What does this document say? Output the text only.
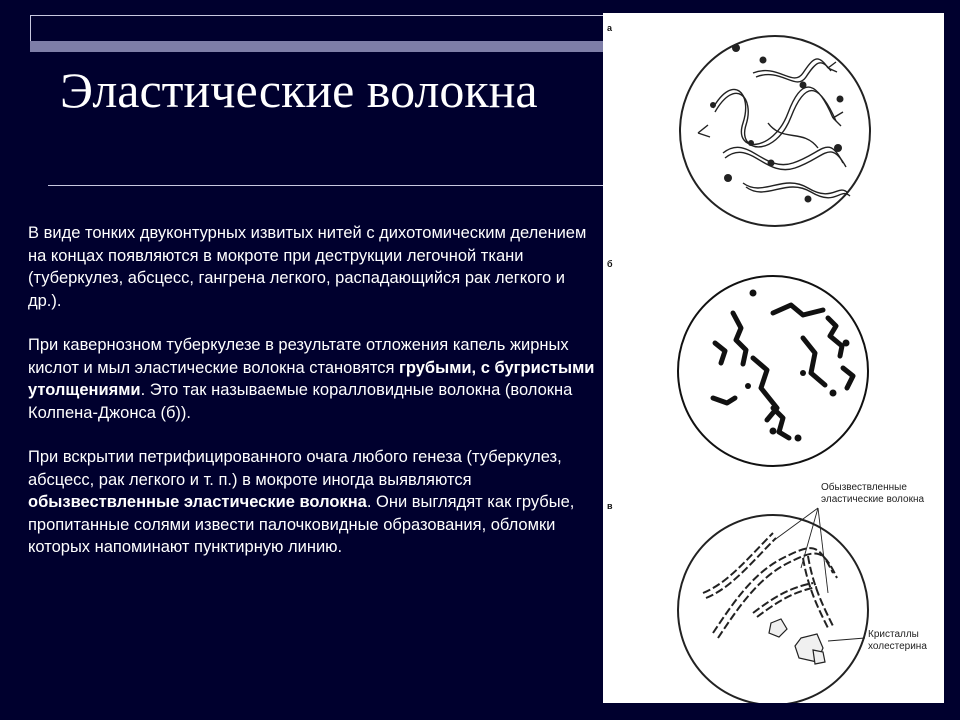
Эластические волокна

В виде тонких двуконтурных извитых нитей с дихотомическим делением на концах появляются в мокроте при деструкции легочной ткани (туберкулез, абсцесс, гангрена легкого, распадающийся рак легкого и др.).

При кавернозном туберкулезе в результате отложения капель жирных кислот и мыл эластические волокна становятся грубыми, с бугристыми утолщениями. Это так называемые коралловидные волокна (волокна Колпена-Джонса (б)).

При вскрытии петрифицированного очага любого генеза (туберкулез, абсцесс, рак легкого и т. п.) в мокроте иногда выявляются обызвествленные эластические волокна. Они выглядят как грубые, пропитанные солями извести палочковидные образования, обломки которых напоминают пунктирную линию.

а
б
в
Обызвествленные эластические волокна
Кристаллы холестерина
